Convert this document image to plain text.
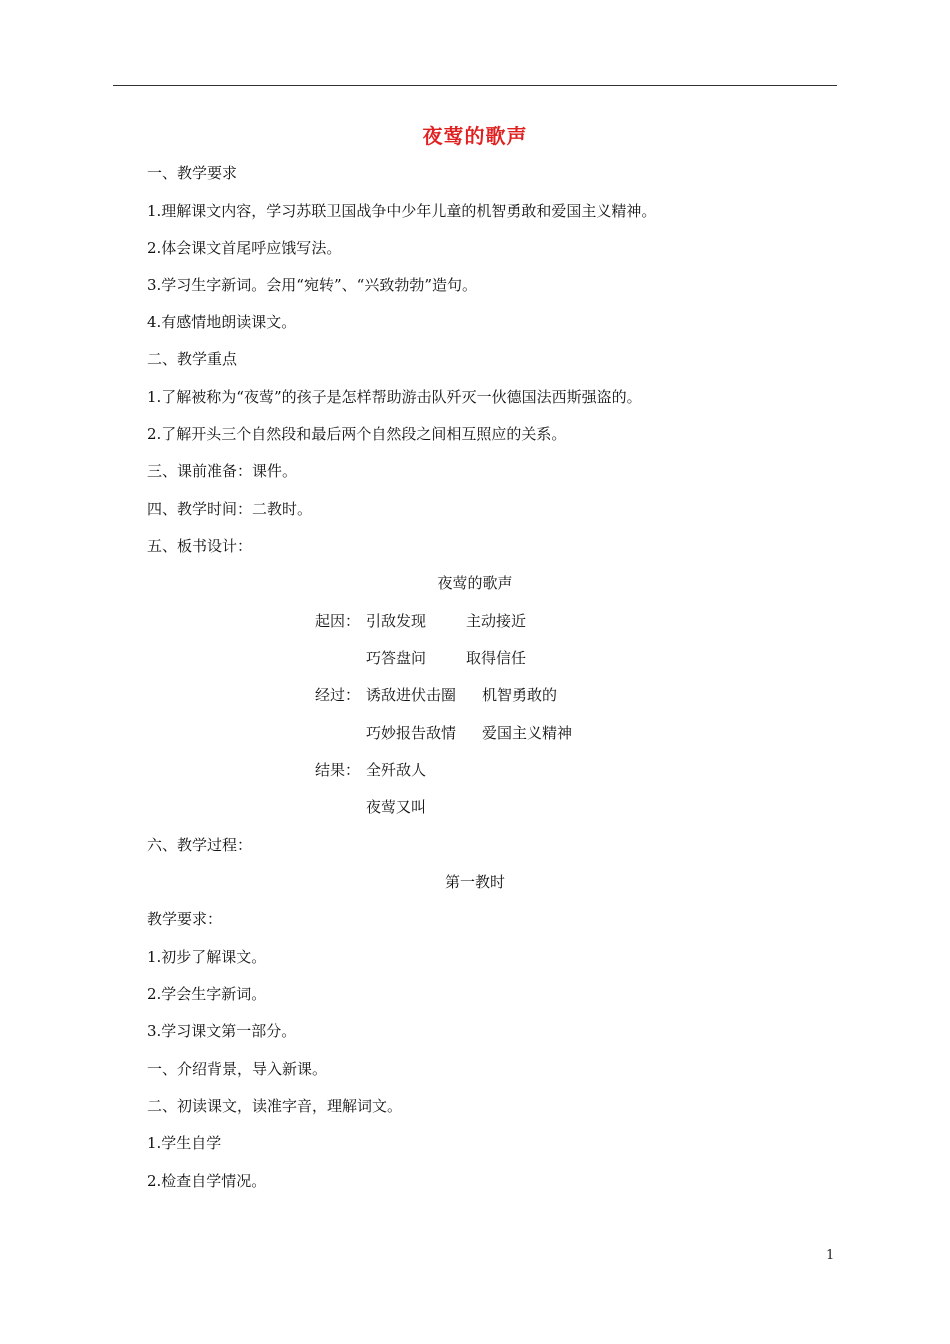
夜莺的歌声
一、教学要求
1.理解课文内容，学习苏联卫国战争中少年儿童的机智勇敢和爱国主义精神。
2.体会课文首尾呼应饿写法。
3.学习生字新词。会用“宛转”、“兴致勃勃”造句。
4.有感情地朗读课文。
二、教学重点
1.了解被称为“夜莺”的孩子是怎样帮助游击队歼灭一伙德国法西斯强盗的。
2.了解开头三个自然段和最后两个自然段之间相互照应的关系。
三、课前准备：课件。
四、教学时间：二教时。
五、板书设计：
夜莺的歌声
起因： 引敌发现	主动接近
巧答盘问	取得信任
经过： 诱敌进伏击圈 机智勇敢的
巧妙报告敌情 爱国主义精神
结果： 全歼敌人
夜莺又叫
六、教学过程：
第一教时
教学要求：
1.初步了解课文。
2.学会生字新词。
3.学习课文第一部分。
一、介绍背景，导入新课。
二、初读课文，读准字音，理解词文。
1.学生自学
2.检查自学情况。
1
